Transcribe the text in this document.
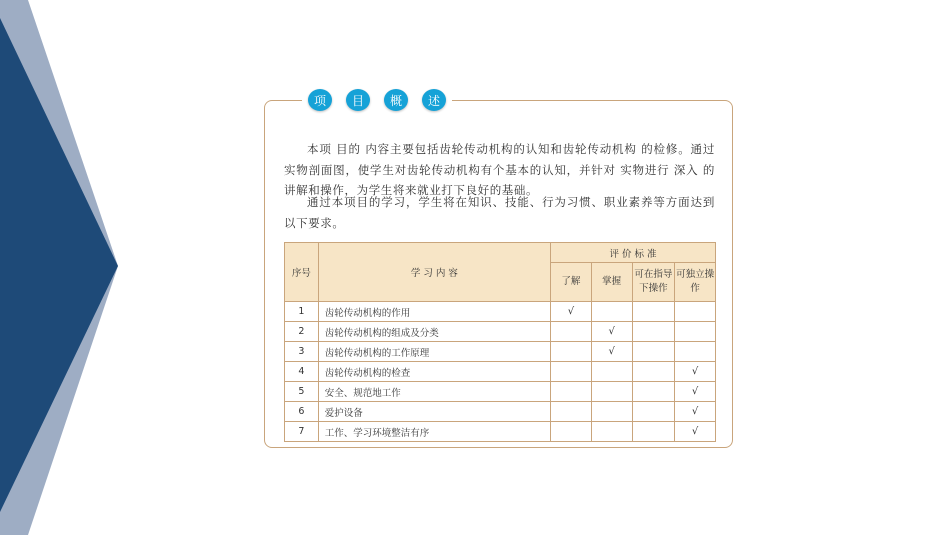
项	目	概	述

本项 目的 内容主要包括齿轮传动机构的认知和齿轮传动机构 的检修。通过实物剖面图，使学生对齿轮传动机构有个基本的认知，并针对 实物进行 深入 的讲解和操作，为学生将来就业打下良好的基础。

通过本项目的学习，学生将在知识、技能、行为习惯、职业素养等方面达到以下要求。

序号	学 习 内 容	评 价 标 准			
		了解	掌握	可在指导下操作	可独立操作
1	齿轮传动机构的作用	√			
2	齿轮传动机构的组成及分类		√		
3	齿轮传动机构的工作原理		√		
4	齿轮传动机构的检查				√
5	安全、规范地工作				√
6	爱护设备				√
7	工作、学习环境整洁有序				√
